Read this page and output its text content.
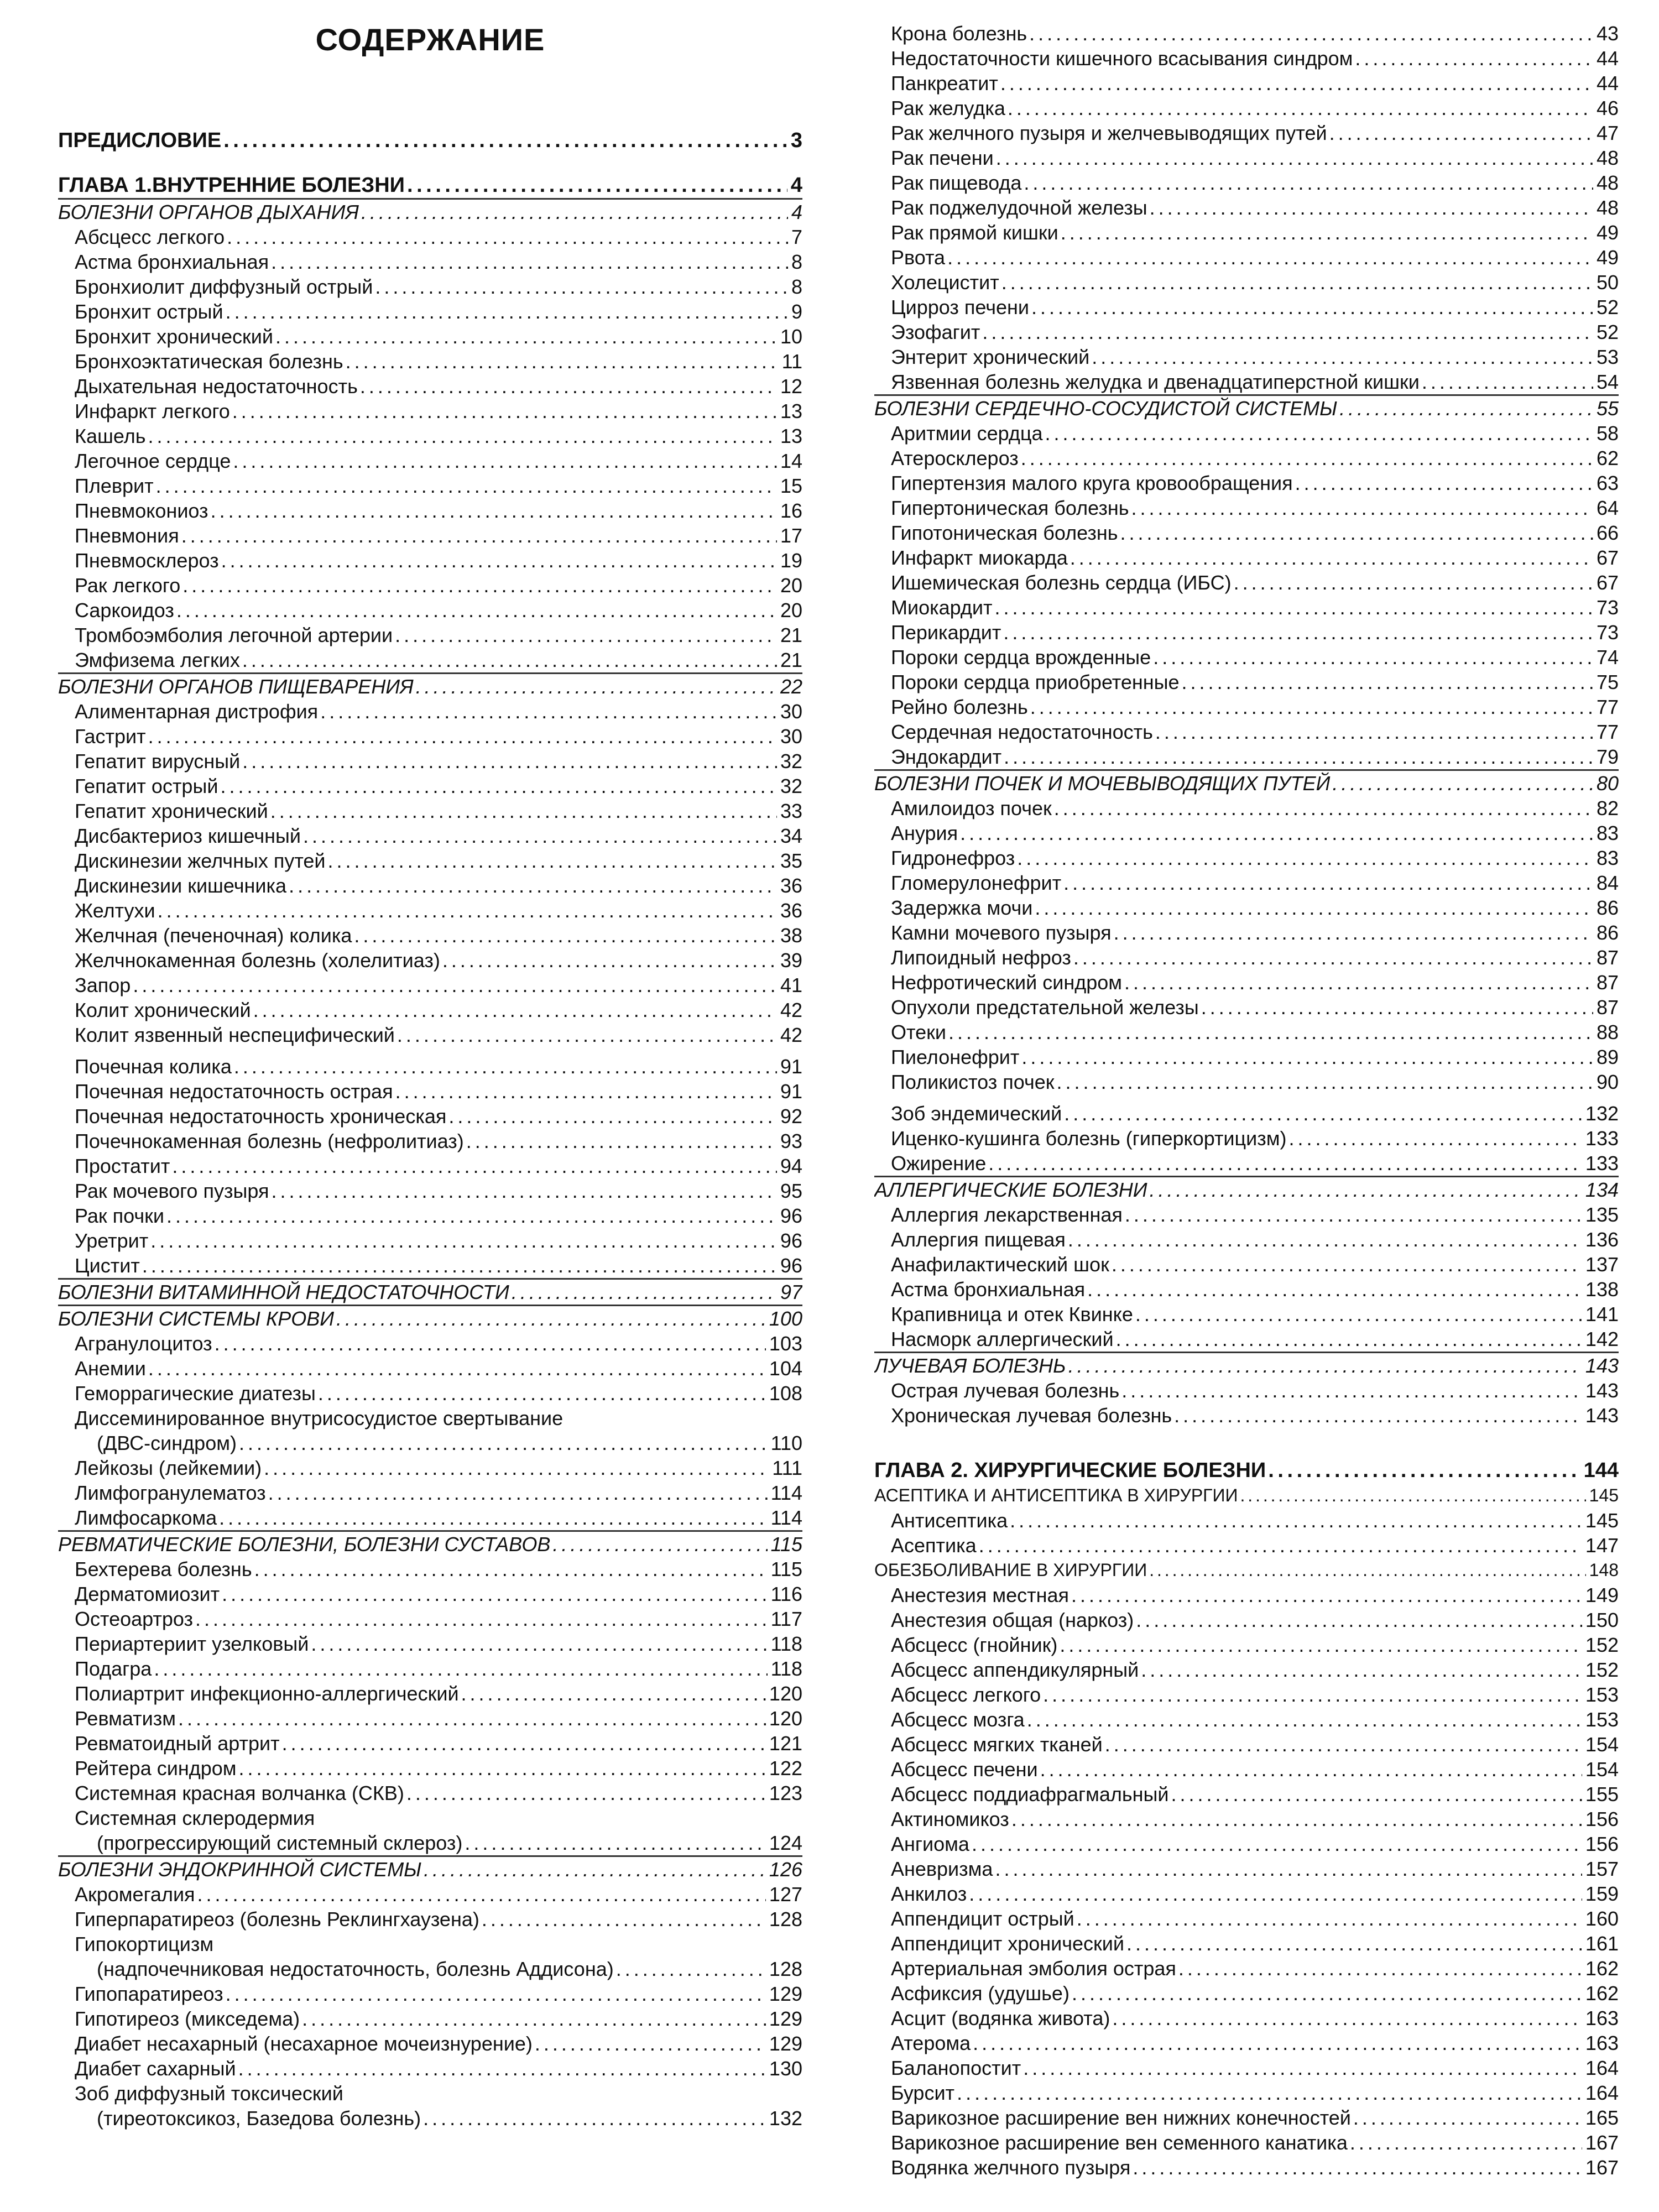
СОДЕРЖАНИЕ
ПРЕДИСЛОВИЕ . . .	3
ГЛАВА 1.ВНУТРЕННИЕ БОЛЕЗНИ . . .	4
БОЛЕЗНИ ОРГАНОВ ДЫХАНИЯ . . .	4
Абсцесс легкого . . .	7
Астма бронхиальная . . .	8
Бронхиолит диффузный острый . . .	8
Бронхит острый . . .	9
Бронхит хронический . . .	10
Бронхоэктатическая болезнь . . .	11
Дыхательная недостаточность . . .	12
Инфаркт легкого . . .	13
Кашель . . .	13
Легочное сердце . . .	14
Плеврит . . .	15
Пневмокониоз . . .	16
Пневмония . . .	17
Пневмосклероз . . .	19
Рак легкого . . .	20
Саркоидоз . . .	20
Тромбоэмболия легочной артерии . . .	21
Эмфизема легких . . .	21
БОЛЕЗНИ ОРГАНОВ ПИЩЕВАРЕНИЯ . . .	22
Алиментарная дистрофия . . .	30
Гастрит . . .	30
Гепатит вирусный . . .	32
Гепатит острый . . .	32
Гепатит хронический . . .	33
Дисбактериоз кишечный . . .	34
Дискинезии желчных путей . . .	35
Дискинезии кишечника . . .	36
Желтухи . . .	36
Желчная (печеночная) колика . . .	38
Желчнокаменная болезнь (холелитиаз) . . .	39
Запор . . .	41
Колит хронический . . .	42
Колит язвенный неспецифический . . .	42
Почечная колика . . .	91
Почечная недостаточность острая . . .	91
Почечная недостаточность хроническая . . .	92
Почечнокаменная болезнь (нефролитиаз) . . .	93
Простатит . . .	94
Рак мочевого пузыря . . .	95
Рак почки . . .	96
Уретрит . . .	96
Цистит . . .	96
БОЛЕЗНИ ВИТАМИННОЙ НЕДОСТАТОЧНОСТИ . . .	97
БОЛЕЗНИ СИСТЕМЫ КРОВИ . . .	100
Агранулоцитоз . . .	103
Анемии . . .	104
Геморрагические диатезы . . .	108
Диссеминированное внутрисосудистое свертывание
(ДВС-синдром) . . .	110
Лейкозы (лейкемии) . . .	111
Лимфогранулематоз . . .	114
Лимфосаркома . . .	114
РЕВМАТИЧЕСКИЕ БОЛЕЗНИ, БОЛЕЗНИ СУСТАВОВ . . .	115
Бехтерева болезнь . . .	115
Дерматомиозит . . .	116
Остеоартроз . . .	117
Периартериит узелковый . . .	118
Подагра . . .	118
Полиартрит инфекционно-аллергический . . .	120
Ревматизм . . .	120
Ревматоидный артрит . . .	121
Рейтера синдром . . .	122
Системная красная волчанка (СКВ) . . .	123
Системная склеродермия
(прогрессирующий системный склероз) . . .	124
БОЛЕЗНИ ЭНДОКРИННОЙ СИСТЕМЫ . . .	126
Акромегалия . . .	127
Гиперпаратиреоз (болезнь Реклингхаузена) . . .	128
Гипокортицизм
(надпочечниковая недостаточность, болезнь Аддисона) . . .	128
Гипопаратиреоз . . .	129
Гипотиреоз (микседема) . . .	129
Диабет несахарный (несахарное мочеизнурение) . . .	129
Диабет сахарный . . .	130
Зоб диффузный токсический
(тиреотоксикоз, Базедова болезнь) . . .	132
Крона болезнь . . .	43
Недостаточности кишечного всасывания синдром . . .	44
Панкреатит . . .	44
Рак желудка . . .	46
Рак желчного пузыря и желчевыводящих путей . . .	47
Рак печени . . .	48
Рак пищевода . . .	48
Рак поджелудочной железы . . .	48
Рак прямой кишки . . .	49
Рвота . . .	49
Холецистит . . .	50
Цирроз печени . . .	52
Эзофагит . . .	52
Энтерит хронический . . .	53
Язвенная болезнь желудка и двенадцатиперстной кишки . . .	54
БОЛЕЗНИ СЕРДЕЧНО-СОСУДИСТОЙ СИСТЕМЫ . . .	55
Аритмии сердца . . .	58
Атеросклероз . . .	62
Гипертензия малого круга кровообращения . . .	63
Гипертоническая болезнь . . .	64
Гипотоническая болезнь . . .	66
Инфаркт миокарда . . .	67
Ишемическая болезнь сердца (ИБС) . . .	67
Миокардит . . .	73
Перикардит . . .	73
Пороки сердца врожденные . . .	74
Пороки сердца приобретенные . . .	75
Рейно болезнь . . .	77
Сердечная недостаточность . . .	77
Эндокардит . . .	79
БОЛЕЗНИ ПОЧЕК И МОЧЕВЫВОДЯЩИХ ПУТЕЙ . . .	80
Амилоидоз почек . . .	82
Анурия . . .	83
Гидронефроз . . .	83
Гломерулонефрит . . .	84
Задержка мочи . . .	86
Камни мочевого пузыря . . .	86
Липоидный нефроз . . .	87
Нефротический синдром . . .	87
Опухоли предстательной железы . . .	87
Отеки . . .	88
Пиелонефрит . . .	89
Поликистоз почек . . .	90
Зоб эндемический . . .	132
Иценко-кушинга болезнь (гиперкортицизм) . . .	133
Ожирение . . .	133
АЛЛЕРГИЧЕСКИЕ БОЛЕЗНИ . . .	134
Аллергия лекарственная . . .	135
Аллергия пищевая . . .	136
Анафилактический шок . . .	137
Астма бронхиальная . . .	138
Крапивница и отек Квинке . . .	141
Насморк аллергический . . .	142
ЛУЧЕВАЯ БОЛЕЗНЬ . . .	143
Острая лучевая болезнь . . .	143
Хроническая лучевая болезнь . . .	143
ГЛАВА 2. ХИРУРГИЧЕСКИЕ БОЛЕЗНИ . . .	144
АСЕПТИКА И АНТИСЕПТИКА В ХИРУРГИИ . . .	145
Антисептика . . .	145
Асептика . . .	147
ОБЕЗБОЛИВАНИЕ В ХИРУРГИИ . . .	148
Анестезия местная . . .	149
Анестезия общая (наркоз) . . .	150
Абсцесс (гнойник) . . .	152
Абсцесс аппендикулярный . . .	152
Абсцесс легкого . . .	153
Абсцесс мозга . . .	153
Абсцесс мягких тканей . . .	154
Абсцесс печени . . .	154
Абсцесс поддиафрагмальный . . .	155
Актиномикоз . . .	156
Ангиома . . .	156
Аневризма . . .	157
Анкилоз . . .	159
Аппендицит острый . . .	160
Аппендицит хронический . . .	161
Артериальная эмболия острая . . .	162
Асфиксия (удушье) . . .	162
Асцит (водянка живота) . . .	163
Атерома . . .	163
Баланопостит . . .	164
Бурсит . . .	164
Варикозное расширение вен нижних конечностей . . .	165
Варикозное расширение вен семенного канатика . . .	167
Водянка желчного пузыря . . .	167
